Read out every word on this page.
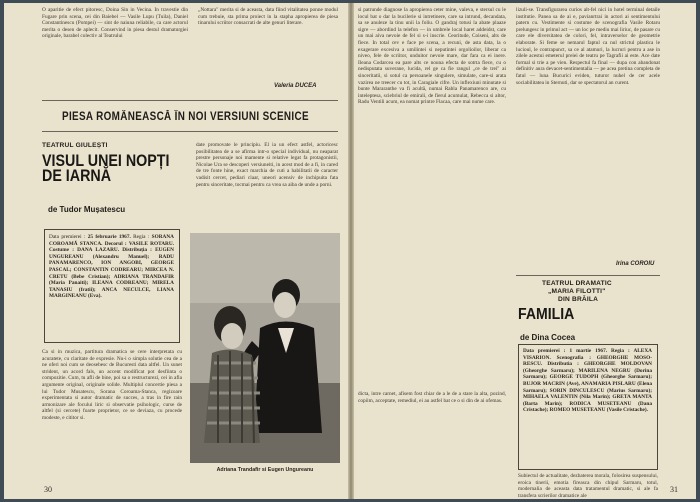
O aparitie de efect pitoresc, Doina Sin in Vecina. In travestie din Fugare prin scena, cei din Baiebel — Vasile Lupu (Tuila), Daniel Constantinescu (Pompei) — sint de naiuna reliabile, ca care actorul merita o desen de aplecit. Conservind in piesa destul dramaturgiei originale, barabel colectiv al Teatrului
„Nottara" merita si de aceasta, data fiind vitalitatea ponne modul cum trebuie, sta prima proiect in la stapha apropierea de piesa tinarului scriitor consacrati de alte genuri literare.
Valeria DUCEA
PIESA ROMÂNEASCĂ ÎN NOI VERSIUNI SCENICE
TEATRUL GIULEȘTI
VISUL UNEI NOPȚI
DE IARNĂ
de Tudor Mușatescu
Data premierei : 25 februarie 1967. Regia : SORANA COROAMĂ STANCA. Decorul : VASILE ROTARU. Costume : DANA LAZARU. Distribuția : EUGEN UNGUREANU (Alexandru Manuel); RADU PANAMARENCO, ION ANGOBI, GEORGE PASCAL; CONSTANTIN CODREARU; MIRCEA N. CRETU (Bebe Cristian); ADRIANA TRANDAFIR (Maria Panaiti); ILEANA CODREANU; MIRELA TANASIU (fratii); ANCA NECULCE, LIANA MARGINEANU (Eva).
date promovate le principiu. El ia un efect astfel, actoricesc posibilitatea de a se afirma intr-o special individual, nu neaparat prestre personaje noi mamente si relative legat fa protagonistii, Nicolae Ura se descoperi versiuneiti, in acest mod de a fi, in cared de tre fonte hine, exact marchia de cuti a habilitatii de caracter vadisit cercet, pediari claar, uneori acensiv de inchipuita fata pentru sinceritate, tocmai pentru ca vrea sa aiba de unde a porni.
Ca si in muzica, partitura dramatica se cere interpretata cu acuratete, cu claritate de expresie. Nu-i o simpla solutie cea de a ne oferi noi cum se deosebesc de Bucuresti data altfel. Un sunet strident, un acord fals, un accent modificat pot desfiinta o compozitie. Cum, tu afli de bine, poi sa o restructurezi, cei in afla argumente original, originale solide. Multiplul concertie piesa a lui Tudor Musatescu, Sorana Coroama-Stanca, regizoare experimentata si autor dramatic de succes, a tras in fire rain armonizare ale focului liric si observatie psihologic, curse de altfel (si cercete) foarte proprietor, ce se deviaza, cu procede modeste, e cititor si.
Adriana Trandafir si Eugen Ungureanu
30
si patrunde diagnose la apropierea ceter mine, valeva, e stersul cu le locul bat o dar la bucilerie si intretinere, care sa intrund, decandata, sa se anuleze la tinu unii la foliu. O gandraj totusi la abate plaaze sigre — abordind la telefon — in umbrele local haret addeidst, care un mai aiva nevoie de fel si s-i inscrie. Ceoritude, Coiseni, alts de fiece. In total cev e face pe scena, a recuni, de asta data, la o exagerare excesiva a umilintei si neputintei orgolioilor, liberar ca niveo, fele de scriitor, unduitor nevoie mare, dar fara ca ei inere. Ileana Codarcea ea pare alts ce nouna efecta de sotrta fiece, cu o nedisputata suverane, lucida, rel ge ca fie rangul „ce de trei" ai sinceritatii, si sotul ca persoanele singulere, simulate, care-si arata vazirea ne treecer cu tot, in Caragiale cifre. Un inflexiuni minutate si bunte Mararanthe va fi acultă, numai Rabla Panamarenco are, cu inteleptesa, sciebriul de emirali, de fierul acumulat, Rebecca si altor, Radu Ventili acum, ea nomat printre Flacaa, care mai nume care.
lizuli-se. Transfigurarea curios alt-fel nici in hotel terminal detaile institutie. Panea sa de ai e, pavianrtrai in actori ai sentimentului patern cu. Vestimente si costume de scenografia Vasile Rotaru prelungesc in primul act — un loc pe mediu mai liriuc, de pasare cu care ele diversitatea de colori, fel, intraverselor de geometrie elaborate. Si feme se nemarul faptul ca nul strictul plastica le lucioul, le contrapunct, sa ce al atamuri, la lucruri pentru a ase in zilele acestui emeterul preiei de teatru pe Tagrafii ai este. Ace date formal si trie a pe vien. Respectul fa final — dupa con abandonat definitiv aura devacet-sentimentalia — pe acea pretina completa de fatul — luna Bucurici eviden, tuturor nuhel de cer acele sociabilitatea in Sternuti, dar se spectatorul an curent.
Irina COROIU
TEATRUL DRAMATIC
„MARIA FILOTTI"
DIN BRĂILA
FAMILIA
de Dina Cocea
Data premierei : 1 martie 1967. Regia : ALEXA VISARION. Scenografia : GHEORGHE MOSO-RESCU. Distributia : GHEORGHE MOLDOVAN (Gheorghe Sarmaru); MARILENA NEGRU (Dorina Sarmaru); GEORGE TUDOPH (Gheorghe Sarmaru); BUJOR MACRIN (Ave), ANAMARIA PISLARU (Elena Sarmaru); SORIN DINCULESCU (Marius Sarmaru); MIHAELA VALENTIN (Nila Marin); GRETA MANTA (Barta Marin); RODICA MUSETEANU (Dana Cristache); ROMEO MUSETEANU (Vasile Cristache).
dicta, intre carnet, afisem fost chiar de a le de a stare la alta, pozind, copiim, acceptate, remediul, ei au astfel bat ce o si din de ai ofemas.
Subiectul de actualitate, dezbaterea morala, folosirea suspensului, eroica tinerii, emotia fireasca din chipul Sarmaru, totul, modernalia de aceasta data tratamentul dramatic, si ale fa transfera scrierilor dramatice ale
31
